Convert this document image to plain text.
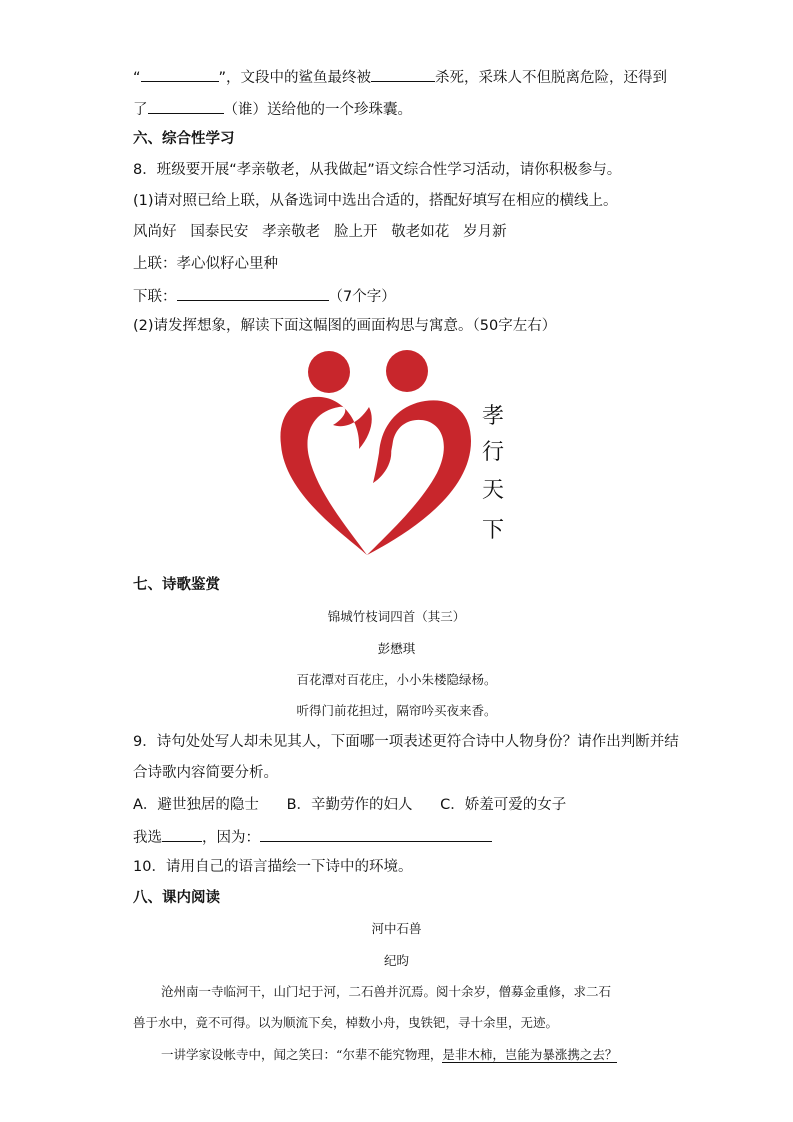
“	”，文段中的鲨鱼最终被	杀死，采珠人不但脱离危险，还得到
了	（谁）送给他的一个珍珠囊。
六、综合性学习
8．班级要开展“孝亲敬老，从我做起”语文综合性学习活动，请你积极参与。
(1)请对照已给上联，从备选词中选出合适的，搭配好填写在相应的横线上。
风尚好   国泰民安   孝亲敬老   脸上开   敬老如花   岁月新
上联：孝心似籽心里种
下联：	（7个字）
(2)请发挥想象，解读下面这幅图的画面构思与寓意。（50字左右）
孝
行
天
下
七、诗歌鉴赏
锦城竹枝词四首（其三）
彭懋琪
百花潭对百花庄，小小朱楼隐绿杨。
听得门前花担过，隔帘吟买夜来香。
9．诗句处处写人却未见其人，下面哪一项表述更符合诗中人物身份？请作出判断并结
合诗歌内容简要分析。
A．避世独居的隐士      B．辛勤劳作的妇人      C．娇羞可爱的女子
我选	，因为：
10．请用自己的语言描绘一下诗中的环境。
八、课内阅读
河中石兽
纪昀
沧州南一寺临河干，山门圮于河，二石兽并沉焉。阅十余岁，僧募金重修，求二石
兽于水中，竟不可得。以为顺流下矣，棹数小舟，曳铁钯，寻十余里，无迹。
一讲学家设帐寺中，闻之笑曰：“尔辈不能究物理，是非木柿，岂能为暴涨携之去？
